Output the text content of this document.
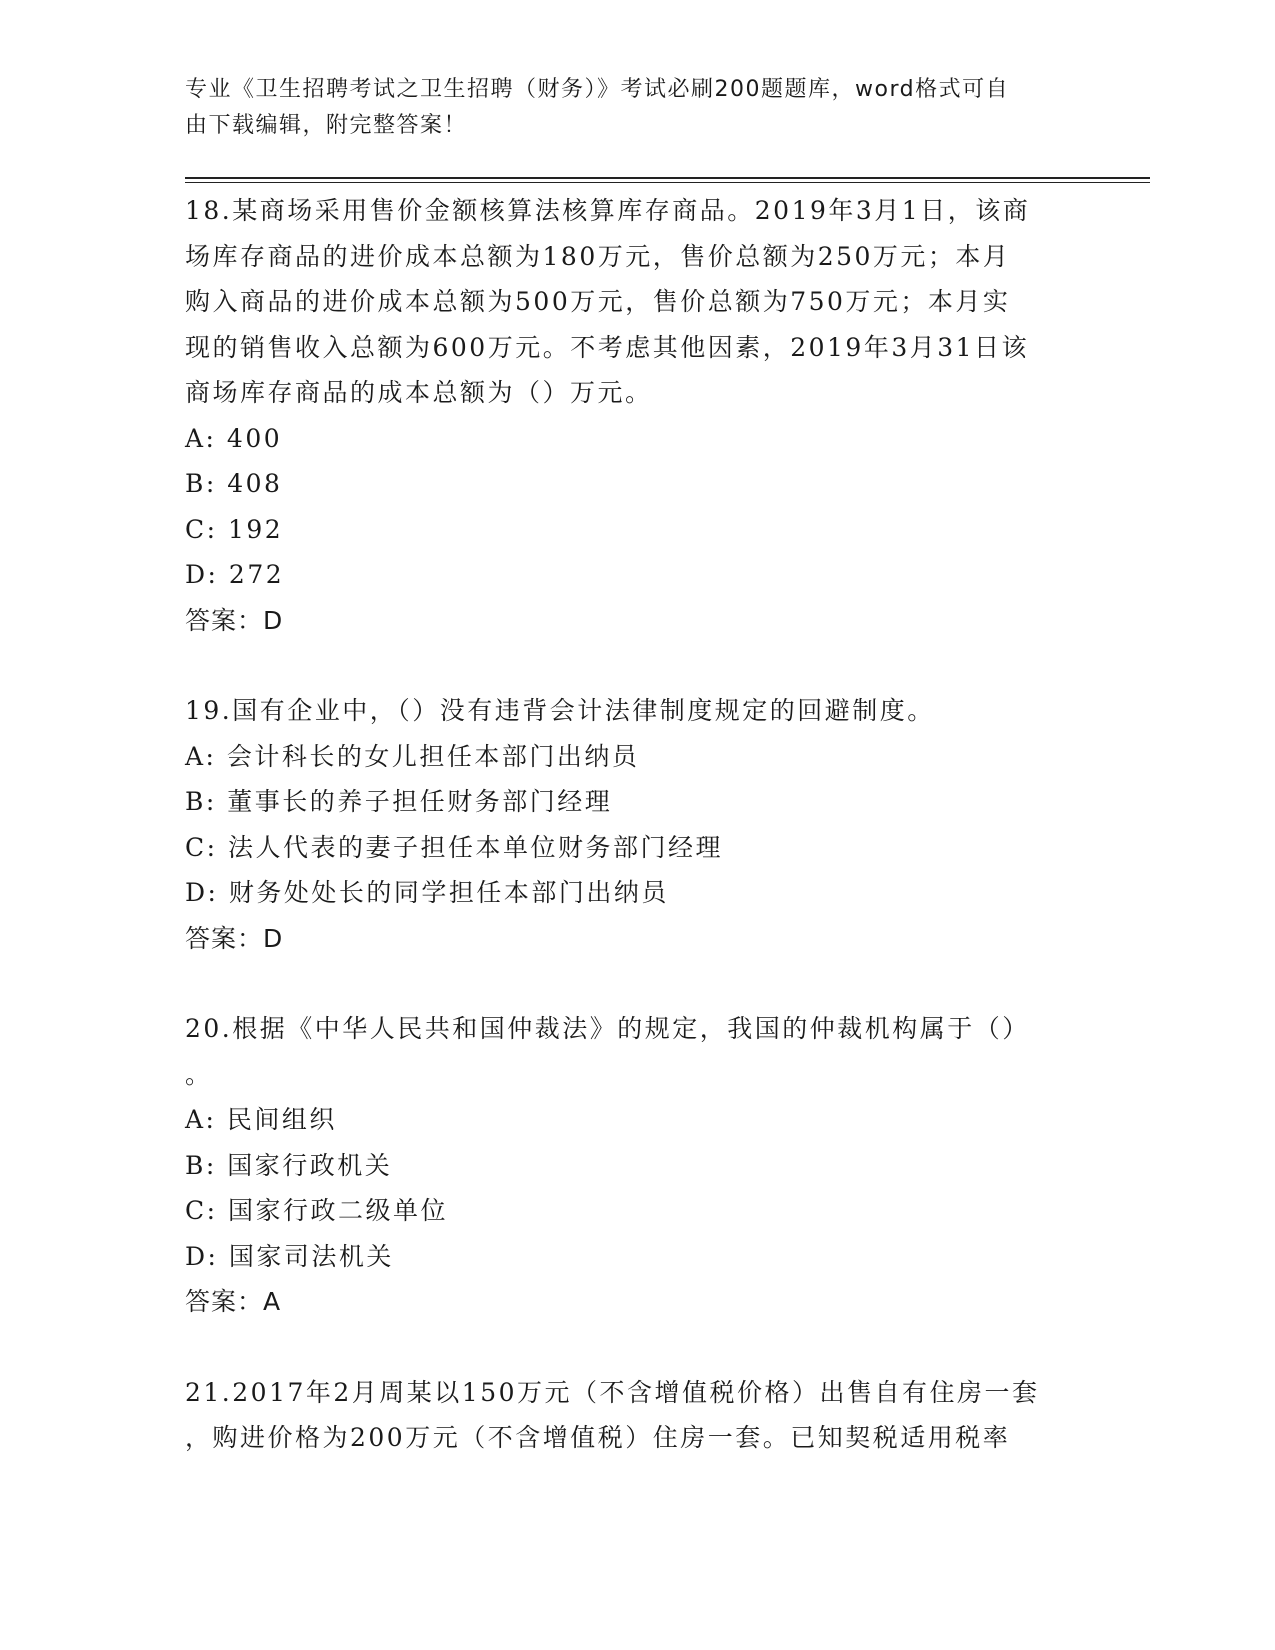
专业《卫生招聘考试之卫生招聘（财务）》考试必刷200题题库，word格式可自
由下载编辑，附完整答案！

18.某商场采用售价金额核算法核算库存商品。2019年3月1日，该商

场库存商品的进价成本总额为180万元，售价总额为250万元；本月

购入商品的进价成本总额为500万元，售价总额为750万元；本月实

现的销售收入总额为600万元。不考虑其他因素，2019年3月31日该

商场库存商品的成本总额为（）万元。

A: 400
B: 408
C: 192
D: 272

答案：D

19.国有企业中，（）没有违背会计法律制度规定的回避制度。

A: 会计科长的女儿担任本部门出纳员
B: 董事长的养子担任财务部门经理
C: 法人代表的妻子担任本单位财务部门经理
D: 财务处处长的同学担任本部门出纳员

答案：D

20.根据《中华人民共和国仲裁法》的规定，我国的仲裁机构属于（）

。

A: 民间组织
B: 国家行政机关
C: 国家行政二级单位
D: 国家司法机关

答案：A

21.2017年2月周某以150万元（不含增值税价格）出售自有住房一套

，购进价格为200万元（不含增值税）住房一套。已知契税适用税率
